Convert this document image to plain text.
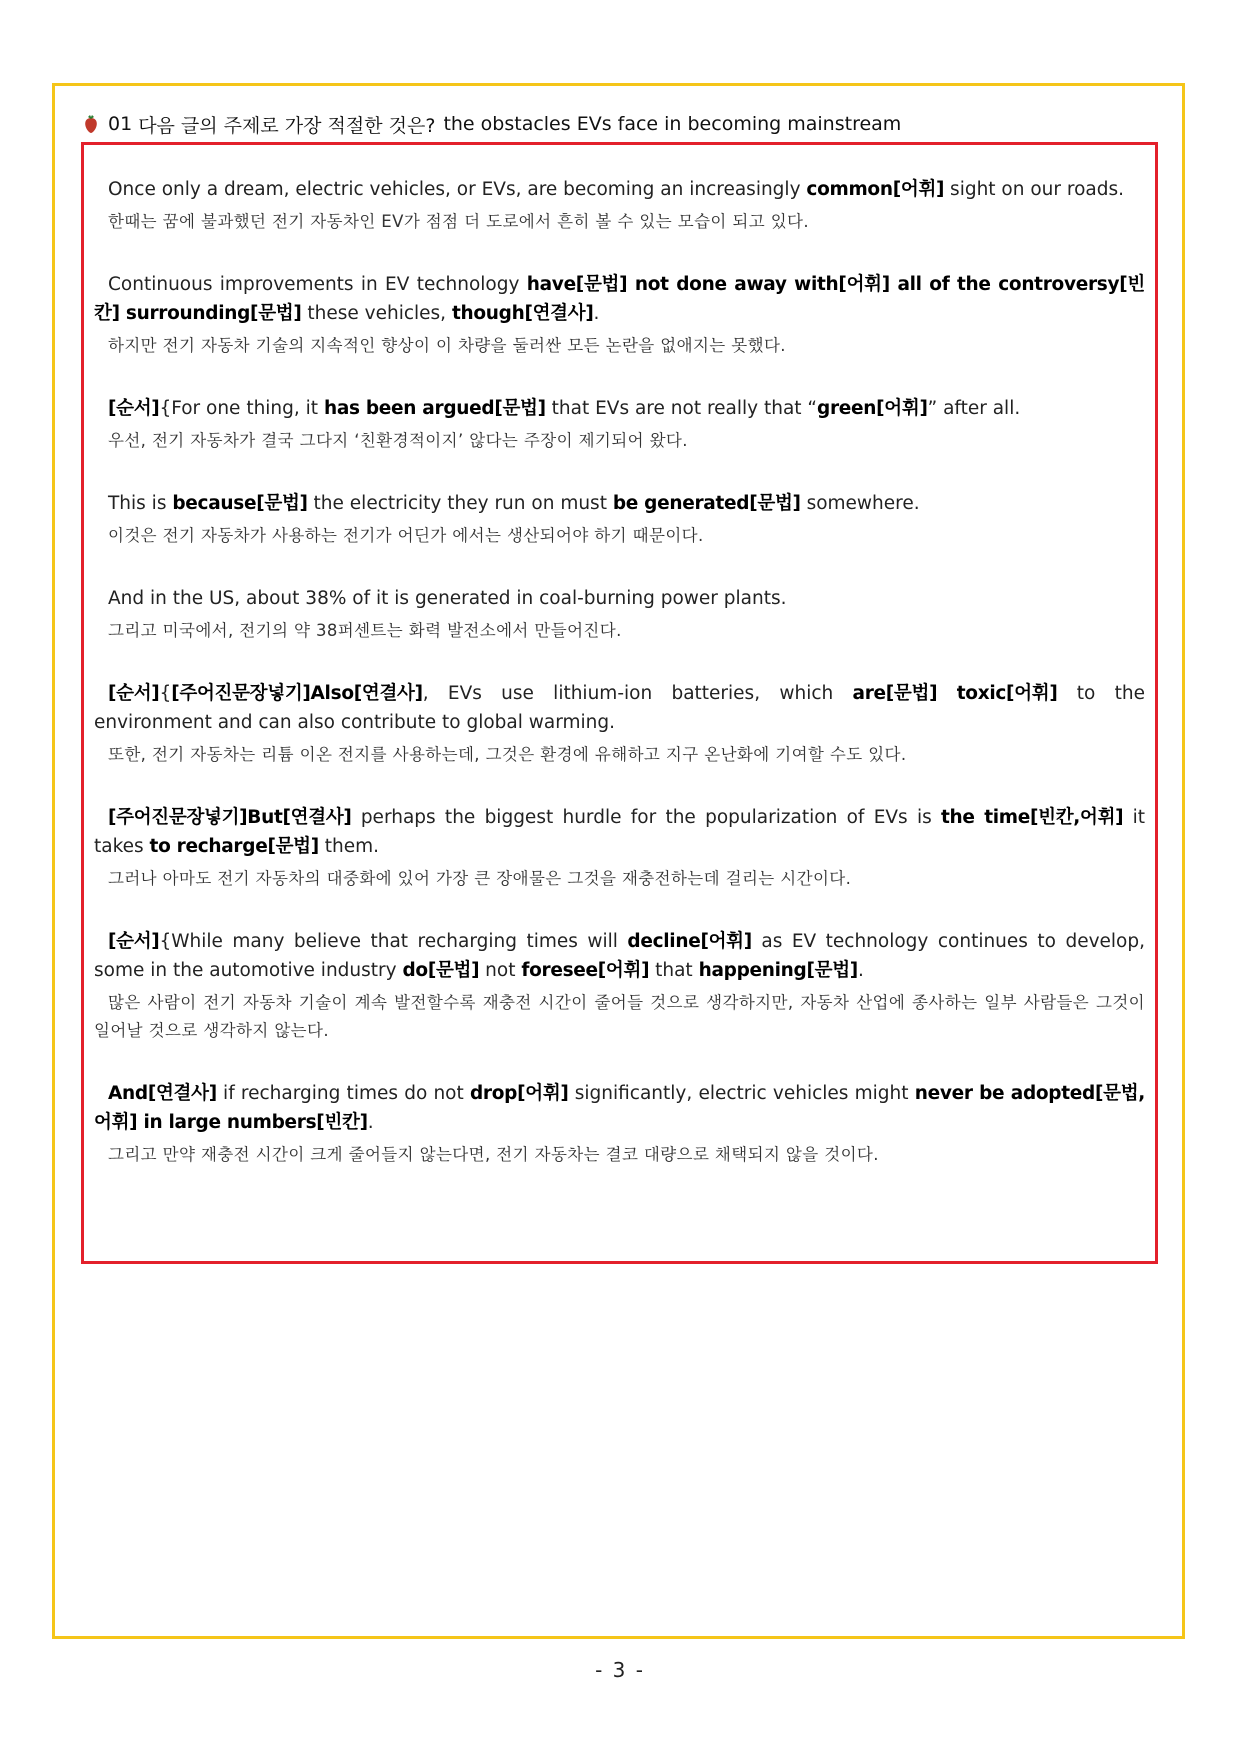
01 다음 글의 주제로 가장 적절한 것은? the obstacles EVs face in becoming mainstream

Once only a dream, electric vehicles, or EVs, are becoming an increasingly common[어휘] sight on our roads.

한때는 꿈에 불과했던 전기 자동차인 EV가 점점 더 도로에서 흔히 볼 수 있는 모습이 되고 있다.

Continuous improvements in EV technology have[문법] not done away with[어휘] all of the controversy[빈칸] surrounding[문법] these vehicles, though[연결사].

하지만 전기 자동차 기술의 지속적인 향상이 이 차량을 둘러싼 모든 논란을 없애지는 못했다.

[순서]{For one thing, it has been argued[문법] that EVs are not really that “green[어휘]” after all.

우선, 전기 자동차가 결국 그다지 ‘친환경적이지’ 않다는 주장이 제기되어 왔다.

This is because[문법] the electricity they run on must be generated[문법] somewhere.

이것은 전기 자동차가 사용하는 전기가 어딘가 에서는 생산되어야 하기 때문이다.

And in the US, about 38% of it is generated in coal-burning power plants.

그리고 미국에서, 전기의 약 38퍼센트는 화력 발전소에서 만들어진다.

[순서]{[주어진문장넣기]Also[연결사], EVs use lithium-ion batteries, which are[문법] toxic[어휘] to the environment and can also contribute to global warming.

또한, 전기 자동차는 리튬 이온 전지를 사용하는데, 그것은 환경에 유해하고 지구 온난화에 기여할 수도 있다.

[주어진문장넣기]But[연결사] perhaps the biggest hurdle for the popularization of EVs is the time[빈칸,어휘] it takes to recharge[문법] them.

그러나 아마도 전기 자동차의 대중화에 있어 가장 큰 장애물은 그것을 재충전하는데 걸리는 시간이다.

[순서]{While many believe that recharging times will decline[어휘] as EV technology continues to develop, some in the automotive industry do[문법] not foresee[어휘] that happening[문법].

많은 사람이 전기 자동차 기술이 계속 발전할수록 재충전 시간이 줄어들 것으로 생각하지만, 자동차 산업에 종사하는 일부 사람들은 그것이 일어날 것으로 생각하지 않는다.

And[연결사] if recharging times do not drop[어휘] significantly, electric vehicles might never be adopted[문법,어휘] in large numbers[빈칸].

그리고 만약 재충전 시간이 크게 줄어들지 않는다면, 전기 자동차는 결코 대량으로 채택되지 않을 것이다.

- 3 -
